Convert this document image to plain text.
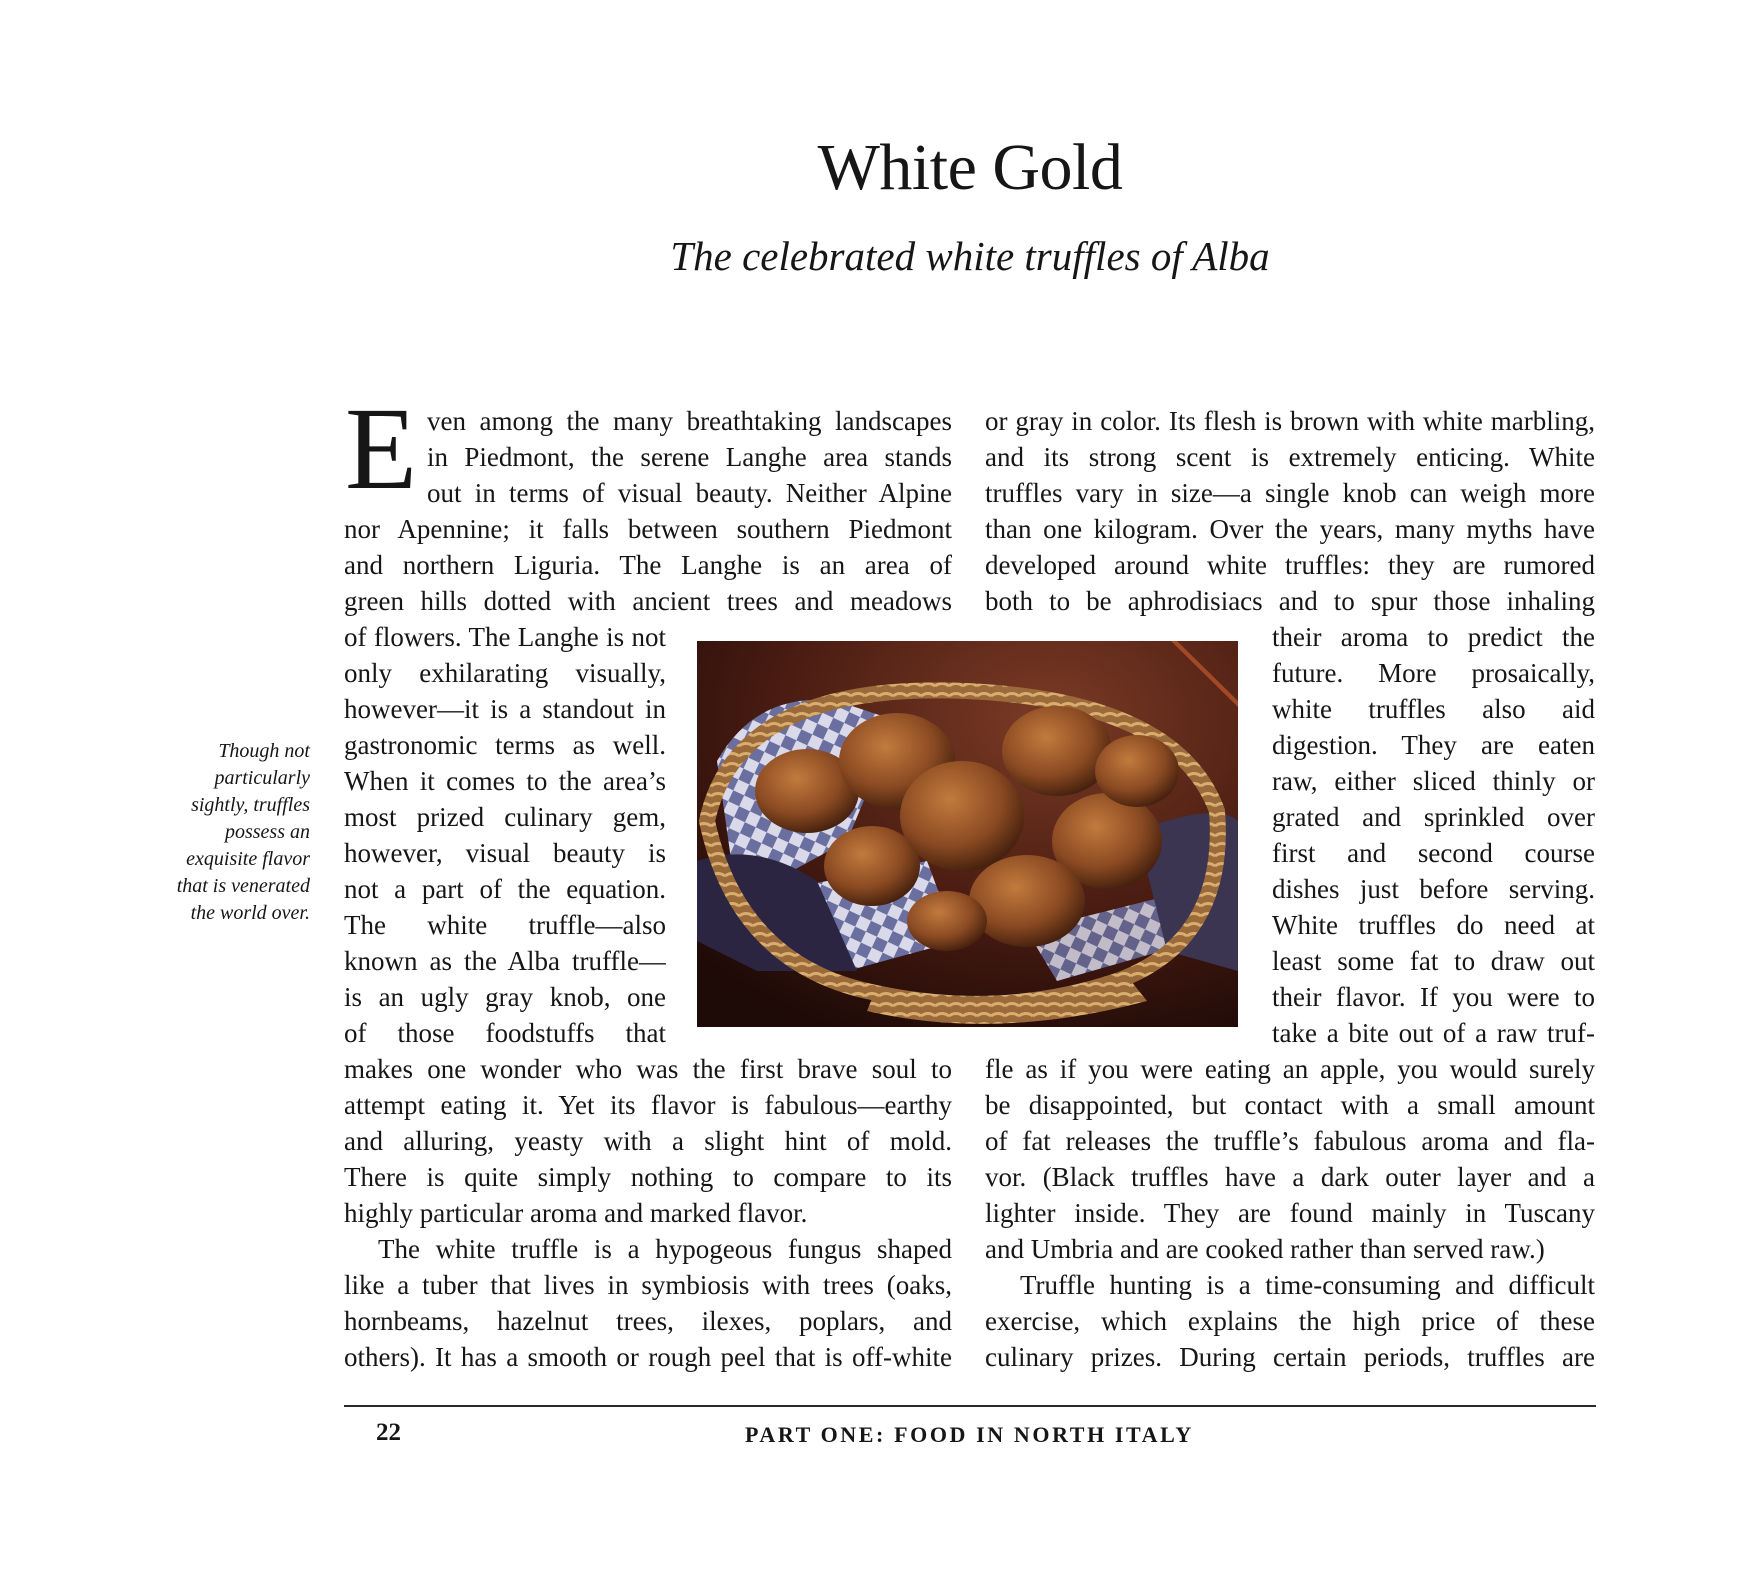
White Gold
The celebrated white truffles of Alba
E ven among the many breathtaking landscapes
in Piedmont, the serene Langhe area stands
out in terms of visual beauty. Neither Alpine
nor Apennine; it falls between southern Piedmont
and northern Liguria. The Langhe is an area of
green hills dotted with ancient trees and meadows
of flowers. The Langhe is not
only exhilarating visually,
however—it is a standout in
gastronomic terms as well.
When it comes to the area’s
most prized culinary gem,
however, visual beauty is
not a part of the equation.
The white truffle—also
known as the Alba truffle—
is an ugly gray knob, one
of those foodstuffs that
makes one wonder who was the first brave soul to
attempt eating it. Yet its flavor is fabulous—earthy
and alluring, yeasty with a slight hint of mold.
There is quite simply nothing to compare to its
highly particular aroma and marked flavor.
The white truffle is a hypogeous fungus shaped
like a tuber that lives in symbiosis with trees (oaks,
hornbeams, hazelnut trees, ilexes, poplars, and
others). It has a smooth or rough peel that is off-white
or gray in color. Its flesh is brown with white marbling,
and its strong scent is extremely enticing. White
truffles vary in size—a single knob can weigh more
than one kilogram. Over the years, many myths have
developed around white truffles: they are rumored
both to be aphrodisiacs and to spur those inhaling
their aroma to predict the
future. More prosaically,
white truffles also aid
digestion. They are eaten
raw, either sliced thinly or
grated and sprinkled over
first and second course
dishes just before serving.
White truffles do need at
least some fat to draw out
their flavor. If you were to
take a bite out of a raw truf-
fle as if you were eating an apple, you would surely
be disappointed, but contact with a small amount
of fat releases the truffle’s fabulous aroma and fla-
vor. (Black truffles have a dark outer layer and a
lighter inside. They are found mainly in Tuscany
and Umbria and are cooked rather than served raw.)
Truffle hunting is a time-consuming and difficult
exercise, which explains the high price of these
culinary prizes. During certain periods, truffles are
Though not
particularly
sightly, truffles
possess an
exquisite flavor
that is venerated
the world over.
22	PART ONE: FOOD IN NORTH ITALY
